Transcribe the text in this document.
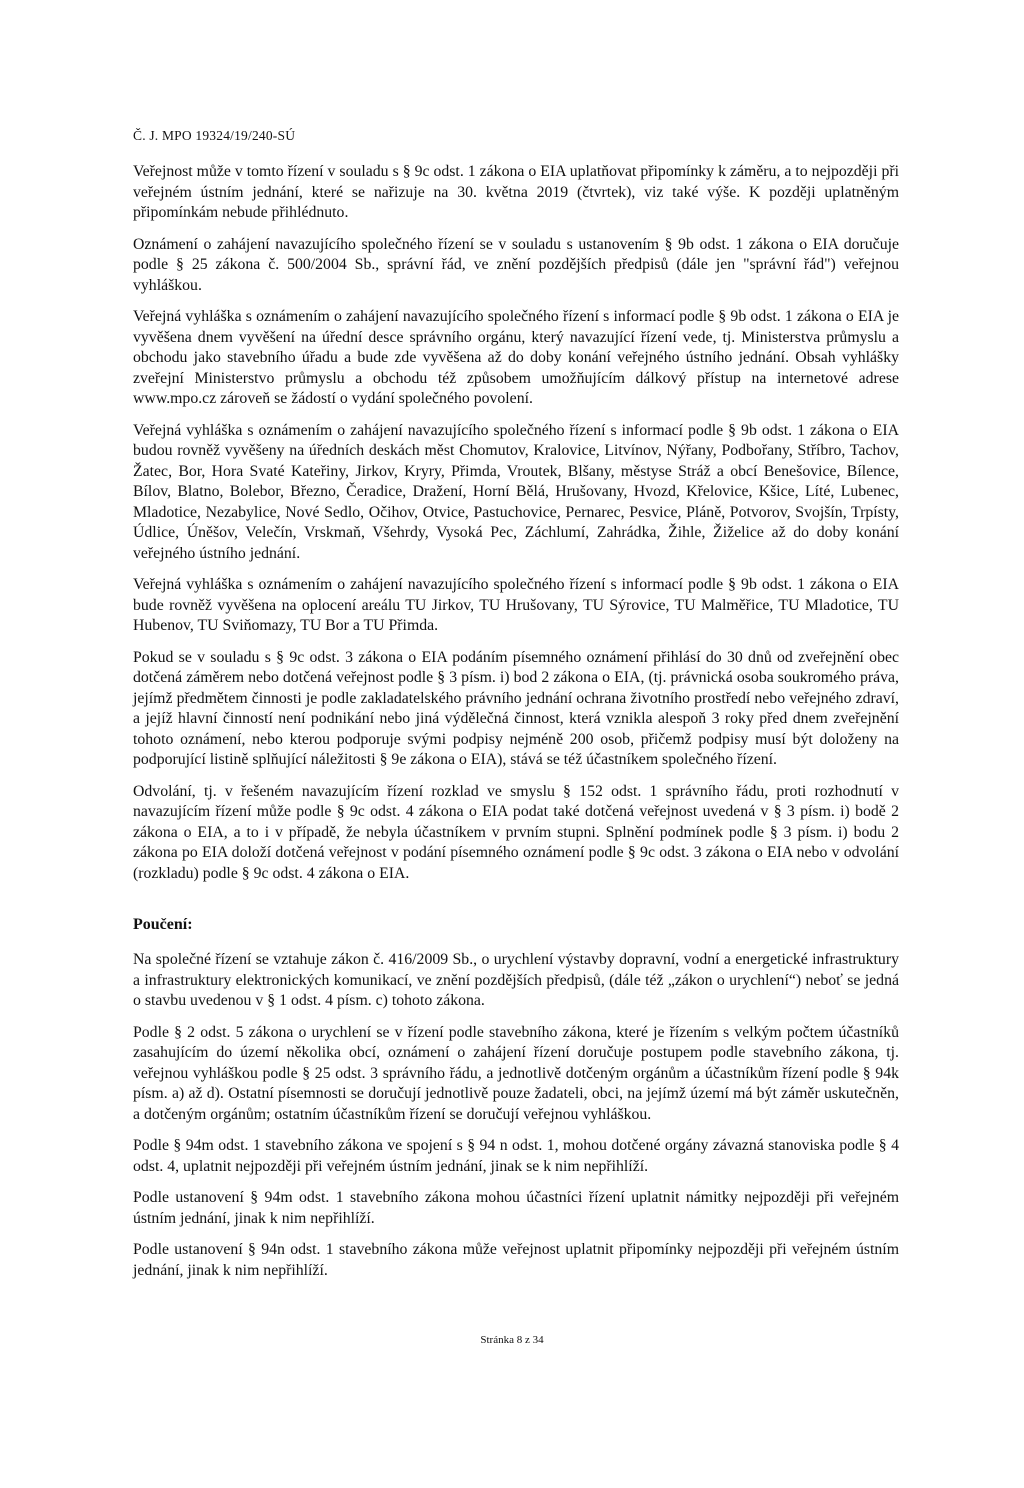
Č. J. MPO 19324/19/240-SÚ

Veřejnost může v tomto řízení v souladu s § 9c odst. 1 zákona o EIA uplatňovat připomínky k záměru, a to nejpozději při veřejném ústním jednání, které se nařizuje na 30. května 2019 (čtvrtek), viz také výše. K později uplatněným připomínkám nebude přihlédnuto.

Oznámení o zahájení navazujícího společného řízení se v souladu s ustanovením § 9b odst. 1 zákona o EIA doručuje podle § 25 zákona č. 500/2004 Sb., správní řád, ve znění pozdějších předpisů (dále jen "správní řád") veřejnou vyhláškou.

Veřejná vyhláška s oznámením o zahájení navazujícího společného řízení s informací podle § 9b odst. 1 zákona o EIA je vyvěšena dnem vyvěšení na úřední desce správního orgánu, který navazující řízení vede, tj. Ministerstva průmyslu a obchodu jako stavebního úřadu a bude zde vyvěšena až do doby konání veřejného ústního jednání. Obsah vyhlášky zveřejní Ministerstvo průmyslu a obchodu též způsobem umožňujícím dálkový přístup na internetové adrese www.mpo.cz zároveň se žádostí o vydání společného povolení.

Veřejná vyhláška s oznámením o zahájení navazujícího společného řízení s informací podle § 9b odst. 1 zákona o EIA budou rovněž vyvěšeny na úředních deskách měst Chomutov, Kralovice, Litvínov, Nýřany, Podbořany, Stříbro, Tachov, Žatec, Bor, Hora Svaté Kateřiny, Jirkov, Kryry, Přimda, Vroutek, Blšany, městyse Stráž a obcí Benešovice, Bílence, Bílov, Blatno, Bolebor, Březno, Čeradice, Dražení, Horní Bělá, Hrušovany, Hvozd, Křelovice, Kšice, Líté, Lubenec, Mladotice, Nezabylice, Nové Sedlo, Očihov, Otvice, Pastuchovice, Pernarec, Pesvice, Pláně, Potvorov, Svojšín, Trpísty, Údlice, Úněšov, Velečín, Vrskmaň, Všehrdy, Vysoká Pec, Záchlumí, Zahrádka, Žihle, Žiželice až do doby konání veřejného ústního jednání.

Veřejná vyhláška s oznámením o zahájení navazujícího společného řízení s informací podle § 9b odst. 1 zákona o EIA bude rovněž vyvěšena na oplocení areálu TU Jirkov, TU Hrušovany, TU Sýrovice, TU Malměřice, TU Mladotice, TU Hubenov, TU Sviňomazy, TU Bor a TU Přimda.

Pokud se v souladu s § 9c odst. 3 zákona o EIA podáním písemného oznámení přihlásí do 30 dnů od zveřejnění obec dotčená záměrem nebo dotčená veřejnost podle § 3 písm. i) bod 2 zákona o EIA, (tj. právnická osoba soukromého práva, jejímž předmětem činnosti je podle zakladatelského právního jednání ochrana životního prostředí nebo veřejného zdraví, a jejíž hlavní činností není podnikání nebo jiná výdělečná činnost, která vznikla alespoň 3 roky před dnem zveřejnění tohoto oznámení, nebo kterou podporuje svými podpisy nejméně 200 osob, přičemž podpisy musí být doloženy na podporující listině splňující náležitosti § 9e zákona o EIA), stává se též účastníkem společného řízení.

Odvolání, tj. v řešeném navazujícím řízení rozklad ve smyslu § 152 odst. 1 správního řádu, proti rozhodnutí v navazujícím řízení může podle § 9c odst. 4 zákona o EIA podat také dotčená veřejnost uvedená v § 3 písm. i) bodě 2 zákona o EIA, a to i v případě, že nebyla účastníkem v prvním stupni. Splnění podmínek podle § 3 písm. i) bodu 2 zákona po EIA doloží dotčená veřejnost v podání písemného oznámení podle § 9c odst. 3 zákona o EIA nebo v odvolání (rozkladu) podle § 9c odst. 4 zákona o EIA.

Poučení:

Na společné řízení se vztahuje zákon č. 416/2009 Sb., o urychlení výstavby dopravní, vodní a energetické infrastruktury a infrastruktury elektronických komunikací, ve znění pozdějších předpisů, (dále též „zákon o urychlení“) neboť se jedná o stavbu uvedenou v § 1 odst. 4 písm. c) tohoto zákona.

Podle § 2 odst. 5 zákona o urychlení se v řízení podle stavebního zákona, které je řízením s velkým počtem účastníků zasahujícím do území několika obcí, oznámení o zahájení řízení doručuje postupem podle stavebního zákona, tj. veřejnou vyhláškou podle § 25 odst. 3 správního řádu, a jednotlivě dotčeným orgánům a účastníkům řízení podle § 94k písm. a) až d). Ostatní písemnosti se doručují jednotlivě pouze žadateli, obci, na jejímž území má být záměr uskutečněn, a dotčeným orgánům; ostatním účastníkům řízení se doručují veřejnou vyhláškou.

Podle § 94m odst. 1 stavebního zákona ve spojení s § 94 n odst. 1, mohou dotčené orgány závazná stanoviska podle § 4 odst. 4, uplatnit nejpozději při veřejném ústním jednání, jinak se k nim nepřihlíží.

Podle ustanovení § 94m odst. 1 stavebního zákona mohou účastníci řízení uplatnit námitky nejpozději při veřejném ústním jednání, jinak k nim nepřihlíží.

Podle ustanovení § 94n odst. 1 stavebního zákona může veřejnost uplatnit připomínky nejpozději při veřejném ústním jednání, jinak k nim nepřihlíží.

Stránka 8 z 34
